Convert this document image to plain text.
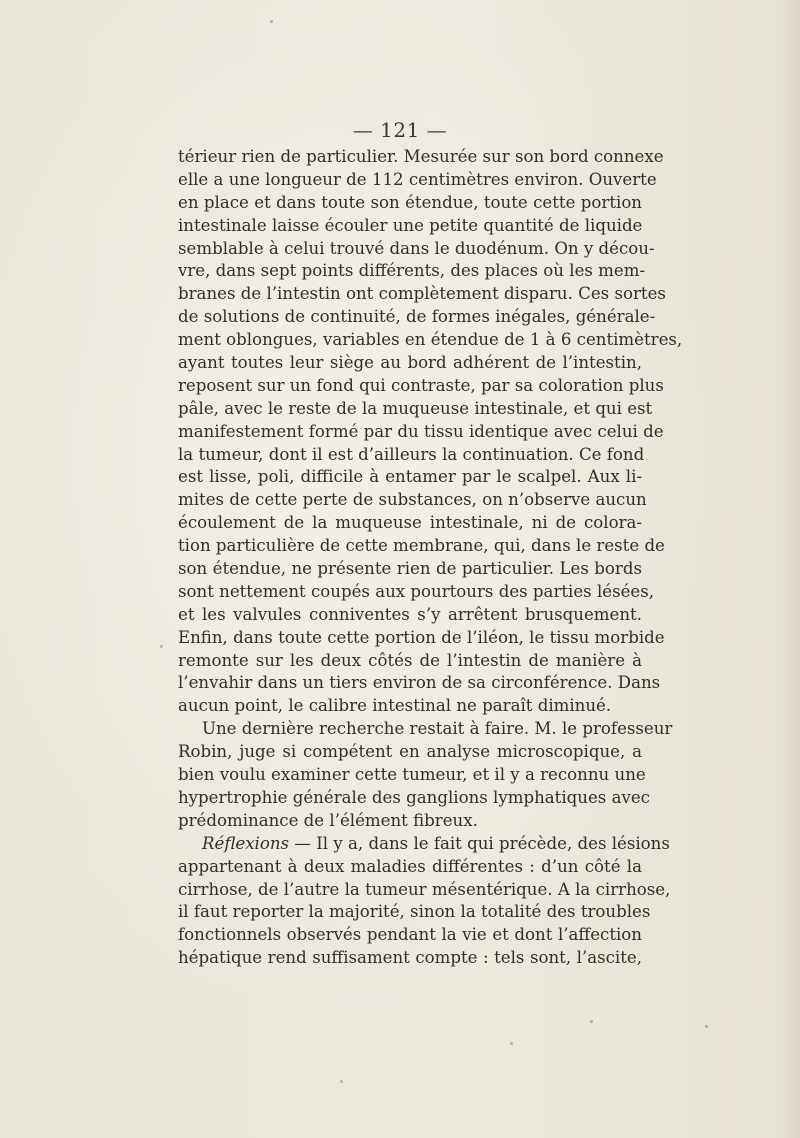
— 121 —
térieur rien de particulier. Mesurée sur son bord connexe
elle a une longueur de 112 centimètres environ. Ouverte
en place et dans toute son étendue, toute cette portion
intestinale laisse écouler une petite quantité de liquide
semblable à celui trouvé dans le duodénum. On y décou-
vre, dans sept points différents, des places où les mem-
branes de l’intestin ont complètement disparu. Ces sortes
de solutions de continuité, de formes inégales, générale-
ment oblongues, variables en étendue de 1 à 6 centimètres,
ayant toutes leur siège au bord adhérent de l’intestin,
reposent sur un fond qui contraste, par sa coloration plus
pâle, avec le reste de la muqueuse intestinale, et qui est
manifestement formé par du tissu identique avec celui de
la tumeur, dont il est d’ailleurs la continuation. Ce fond
est lisse, poli, difficile à entamer par le scalpel. Aux li-
mites de cette perte de substances, on n’observe aucun
écoulement de la muqueuse intestinale, ni de colora-
tion particulière de cette membrane, qui, dans le reste de
son étendue, ne présente rien de particulier. Les bords
sont nettement coupés aux pourtours des parties lésées,
et les valvules conniventes s’y arrêtent brusquement.
Enfin, dans toute cette portion de l’iléon, le tissu morbide
remonte sur les deux côtés de l’intestin de manière à
l’envahir dans un tiers environ de sa circonférence. Dans
aucun point, le calibre intestinal ne paraît diminué.
Une dernière recherche restait à faire. M. le professeur
Robin, juge si compétent en analyse microscopique, a
bien voulu examiner cette tumeur, et il y a reconnu une
hypertrophie générale des ganglions lymphatiques avec
prédominance de l’élément fibreux.
Réflexions — Il y a, dans le fait qui précède, des lésions
appartenant à deux maladies différentes : d’un côté la
cirrhose, de l’autre la tumeur mésentérique. A la cirrhose,
il faut reporter la majorité, sinon la totalité des troubles
fonctionnels observés pendant la vie et dont l’affection
hépatique rend suffisament compte : tels sont, l’ascite,
